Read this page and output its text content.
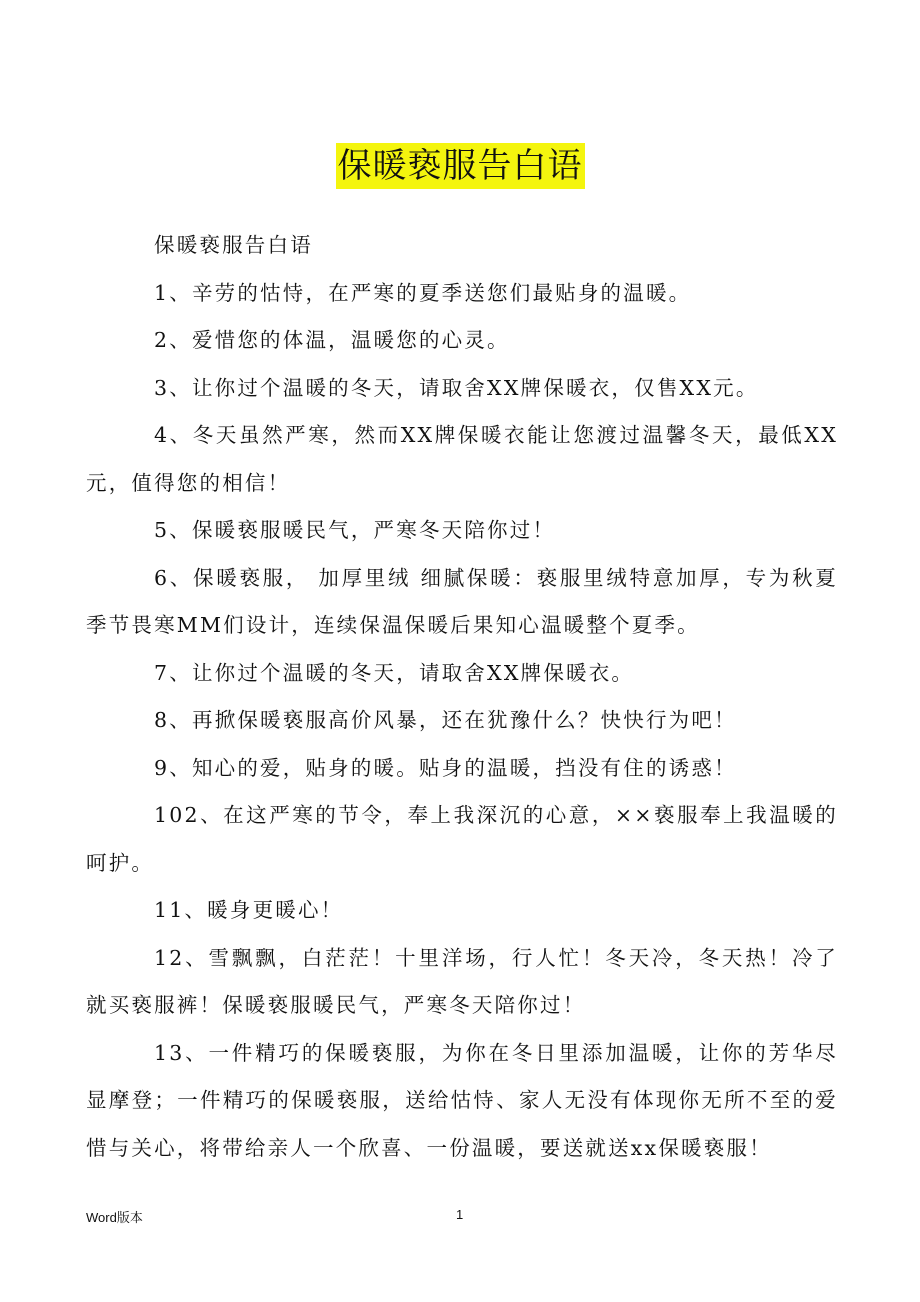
保暖亵服告白语

保暖亵服告白语

1、辛劳的怙恃，在严寒的夏季送您们最贴身的温暖。

2、爱惜您的体温，温暖您的心灵。

3、让你过个温暖的冬天，请取舍XX牌保暖衣，仅售XX元。

4、冬天虽然严寒，然而XX牌保暖衣能让您渡过温馨冬天，最低XX元，值得您的相信！

5、保暖亵服暖民气，严寒冬天陪你过！

6、保暖亵服， 加厚里绒 细腻保暖：亵服里绒特意加厚，专为秋夏季节畏寒MM们设计，连续保温保暖后果知心温暖整个夏季。

7、让你过个温暖的冬天，请取舍XX牌保暖衣。

8、再掀保暖亵服高价风暴，还在犹豫什么？快快行为吧！

9、知心的爱，贴身的暖。贴身的温暖，挡没有住的诱惑！

102、在这严寒的节令，奉上我深沉的心意，××亵服奉上我温暖的呵护。

11、暖身更暖心！

12、雪飘飘，白茫茫！十里洋场，行人忙！冬天冷，冬天热！冷了就买亵服裤！保暖亵服暖民气，严寒冬天陪你过！

13、一件精巧的保暖亵服，为你在冬日里添加温暖，让你的芳华尽显摩登；一件精巧的保暖亵服，送给怙恃、家人无没有体现你无所不至的爱惜与关心，将带给亲人一个欣喜、一份温暖，要送就送xx保暖亵服！

Word版本	1
